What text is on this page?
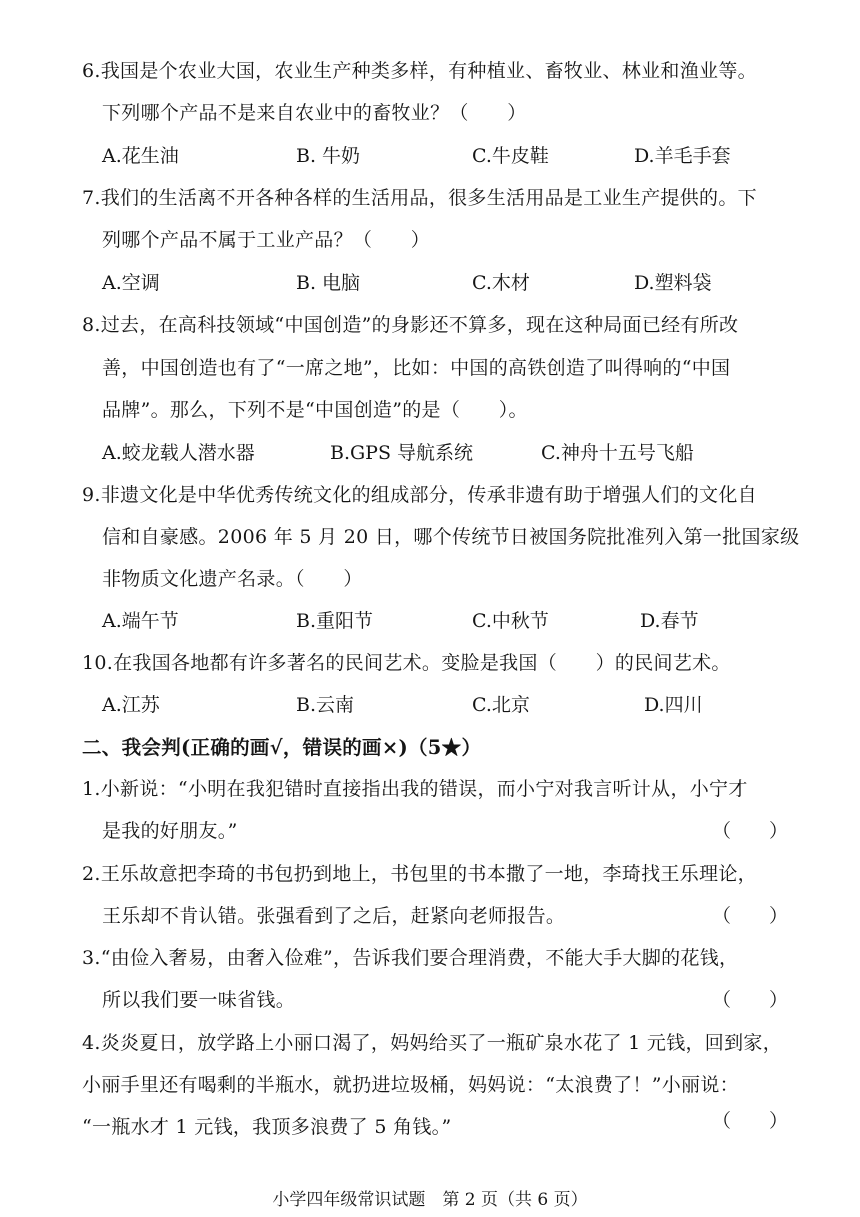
6.我国是个农业大国，农业生产种类多样，有种植业、畜牧业、林业和渔业等。
下列哪个产品不是来自农业中的畜牧业？（　　）
A.花生油	B. 牛奶	C.牛皮鞋	D.羊毛手套
7.我们的生活离不开各种各样的生活用品，很多生活用品是工业生产提供的。下
列哪个产品不属于工业产品？（　　）
A.空调	B. 电脑	C.木材	D.塑料袋
8.过去，在高科技领域“中国创造”的身影还不算多，现在这种局面已经有所改
善，中国创造也有了“一席之地”，比如：中国的高铁创造了叫得响的“中国
品牌”。那么，下列不是“中国创造”的是（　　）。
A.蛟龙载人潜水器	B.GPS 导航系统	C.神舟十五号飞船
9.非遗文化是中华优秀传统文化的组成部分，传承非遗有助于增强人们的文化自
信和自豪感。2006 年 5 月 20 日，哪个传统节日被国务院批准列入第一批国家级
非物质文化遗产名录。（　　）
A.端午节	B.重阳节	C.中秋节	D.春节
10.在我国各地都有许多著名的民间艺术。变脸是我国（　　）的民间艺术。
A.江苏	B.云南	C.北京	D.四川
二、我会判(正确的画√，错误的画×)（5★）
1.小新说：“小明在我犯错时直接指出我的错误，而小宁对我言听计从，小宁才
是我的好朋友。”	（　　）
2.王乐故意把李琦的书包扔到地上，书包里的书本撒了一地，李琦找王乐理论，
王乐却不肯认错。张强看到了之后，赶紧向老师报告。	（　　）
3.“由俭入奢易，由奢入俭难”，告诉我们要合理消费，不能大手大脚的花钱，
所以我们要一味省钱。	（　　）
4.炎炎夏日，放学路上小丽口渴了，妈妈给买了一瓶矿泉水花了 1 元钱，回到家，
小丽手里还有喝剩的半瓶水，就扔进垃圾桶，妈妈说：“太浪费了！”小丽说：
“一瓶水才 1 元钱，我顶多浪费了 5 角钱。”	（　　）
小学四年级常识试题　第 2 页（共 6 页）
